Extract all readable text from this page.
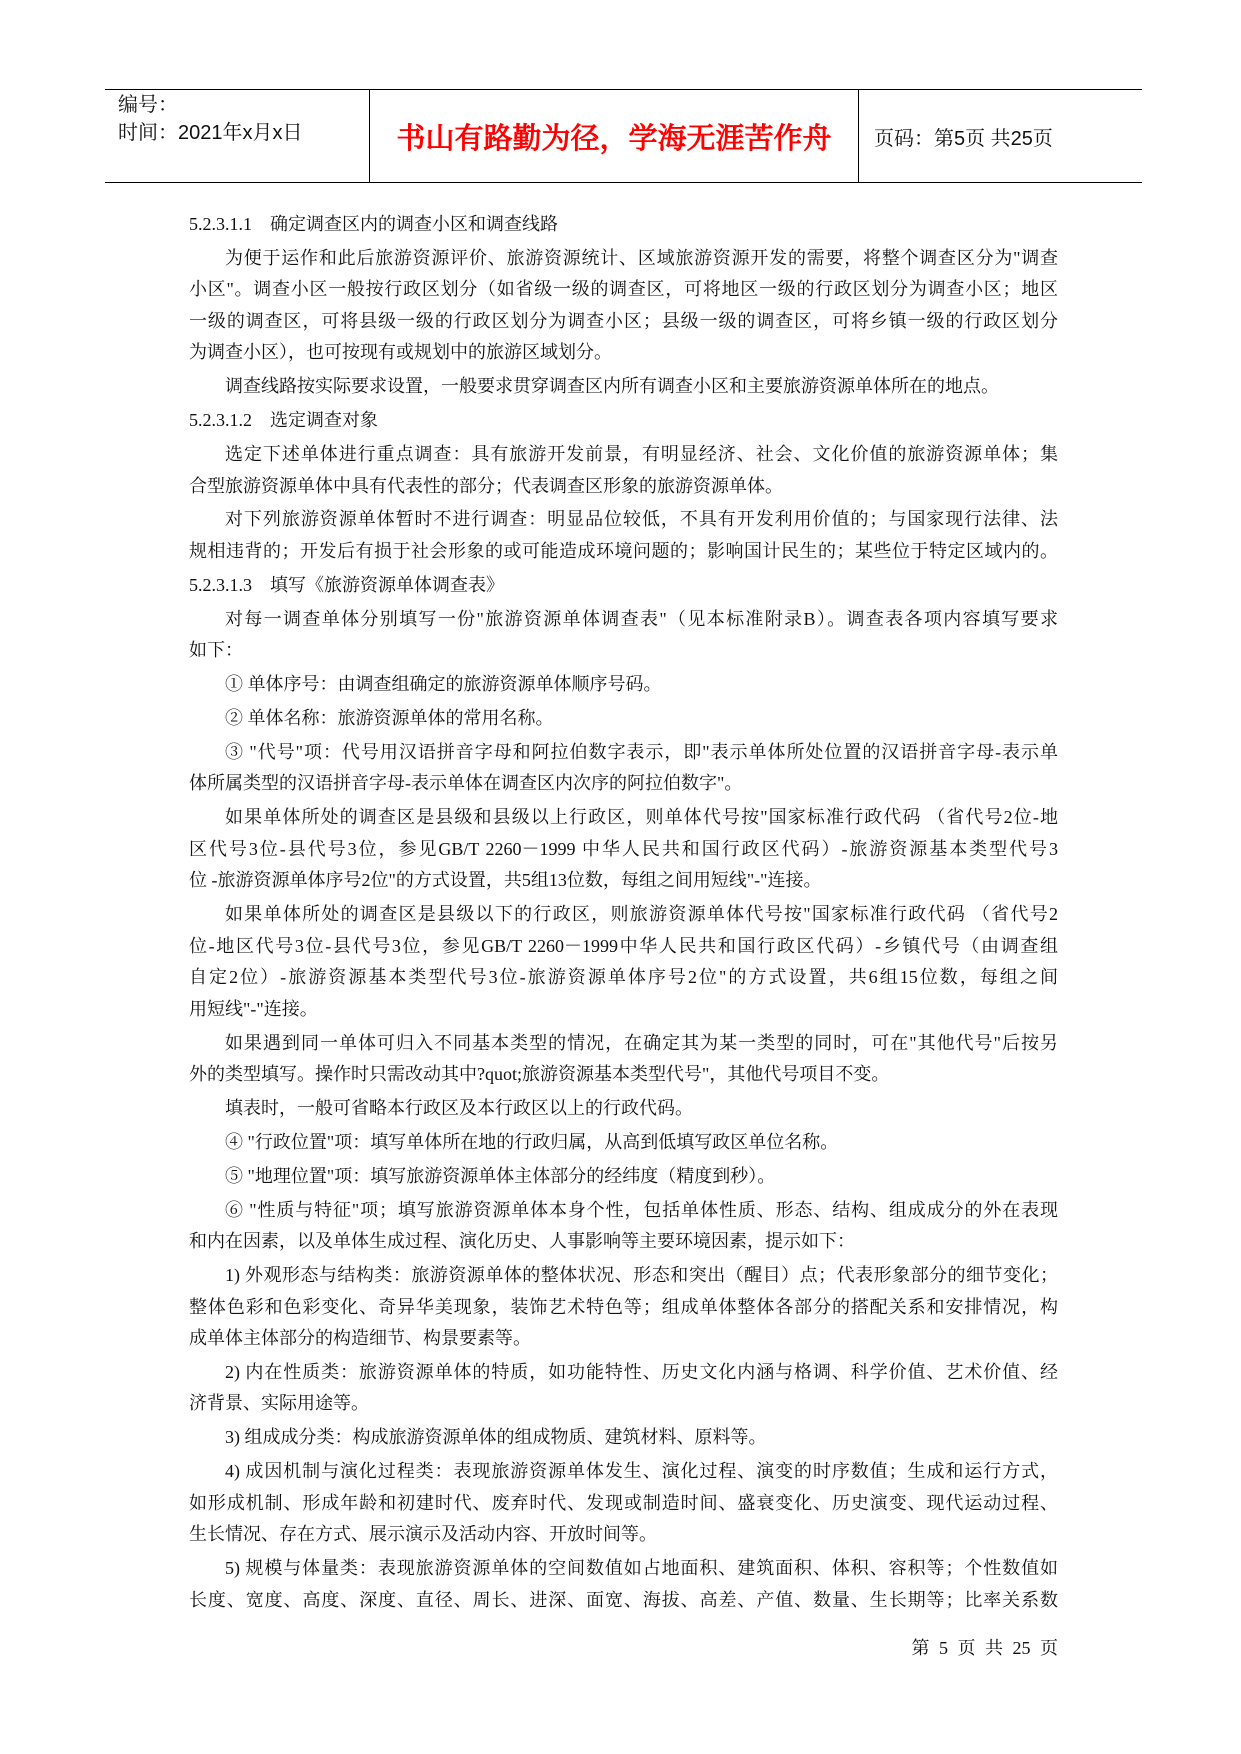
编号：
时间：2021年x月x日	书山有路勤为径，学海无涯苦作舟 页码：第5页 共25页
5.2.3.1.1　确定调查区内的调查小区和调查线路
为便于运作和此后旅游资源评价、旅游资源统计、区域旅游资源开发的需要，将整个调查区分为"调查
小区"。调查小区一般按行政区划分（如省级一级的调查区，可将地区一级的行政区划分为调查小区；地区
一级的调查区，可将县级一级的行政区划分为调查小区；县级一级的调查区，可将乡镇一级的行政区划分
为调查小区），也可按现有或规划中的旅游区域划分。
调查线路按实际要求设置，一般要求贯穿调查区内所有调查小区和主要旅游资源单体所在的地点。
5.2.3.1.2　选定调查对象
选定下述单体进行重点调查：具有旅游开发前景，有明显经济、社会、文化价值的旅游资源单体；集
合型旅游资源单体中具有代表性的部分；代表调查区形象的旅游资源单体。
对下列旅游资源单体暂时不进行调查：明显品位较低，不具有开发利用价值的；与国家现行法律、法
规相违背的；开发后有损于社会形象的或可能造成环境问题的；影响国计民生的；某些位于特定区域内的。
5.2.3.1.3　填写《旅游资源单体调查表》
对每一调查单体分别填写一份"旅游资源单体调查表"（见本标准附录B）。调查表各项内容填写要求
如下：
① 单体序号：由调查组确定的旅游资源单体顺序号码。
② 单体名称：旅游资源单体的常用名称。
③ "代号"项：代号用汉语拼音字母和阿拉伯数字表示，即"表示单体所处位置的汉语拼音字母-表示单
体所属类型的汉语拼音字母-表示单体在调查区内次序的阿拉伯数字"。
如果单体所处的调查区是县级和县级以上行政区，则单体代号按"国家标准行政代码 （省代号2位-地
区代号3位-县代号3位，参见GB/T 2260－1999 中华人民共和国行政区代码）-旅游资源基本类型代号3
位 -旅游资源单体序号2位"的方式设置，共5组13位数，每组之间用短线"-"连接。
如果单体所处的调查区是县级以下的行政区，则旅游资源单体代号按"国家标准行政代码 （省代号2
位-地区代号3位-县代号3位，参见GB/T 2260－1999中华人民共和国行政区代码）-乡镇代号（由调查组
自定2位）-旅游资源基本类型代号3位-旅游资源单体序号2位"的方式设置，共6组15位数，每组之间
用短线"-"连接。
如果遇到同一单体可归入不同基本类型的情况，在确定其为某一类型的同时，可在"其他代号"后按另
外的类型填写。操作时只需改动其中?quot;旅游资源基本类型代号"，其他代号项目不变。
填表时，一般可省略本行政区及本行政区以上的行政代码。
④ "行政位置"项：填写单体所在地的行政归属，从高到低填写政区单位名称。
⑤ "地理位置"项：填写旅游资源单体主体部分的经纬度（精度到秒）。
⑥ "性质与特征"项；填写旅游资源单体本身个性，包括单体性质、形态、结构、组成成分的外在表现
和内在因素，以及单体生成过程、演化历史、人事影响等主要环境因素，提示如下：
1) 外观形态与结构类：旅游资源单体的整体状况、形态和突出（醒目）点；代表形象部分的细节变化；
整体色彩和色彩变化、奇异华美现象，装饰艺术特色等；组成单体整体各部分的搭配关系和安排情况，构
成单体主体部分的构造细节、构景要素等。
2) 内在性质类：旅游资源单体的特质，如功能特性、历史文化内涵与格调、科学价值、艺术价值、经
济背景、实际用途等。
3) 组成成分类：构成旅游资源单体的组成物质、建筑材料、原料等。
4) 成因机制与演化过程类：表现旅游资源单体发生、演化过程、演变的时序数值；生成和运行方式，
如形成机制、形成年龄和初建时代、废弃时代、发现或制造时间、盛衰变化、历史演变、现代运动过程、
生长情况、存在方式、展示演示及活动内容、开放时间等。
5) 规模与体量类：表现旅游资源单体的空间数值如占地面积、建筑面积、体积、容积等；个性数值如
长度、宽度、高度、深度、直径、周长、进深、面宽、海拔、高差、产值、数量、生长期等；比率关系数
第 5 页 共 25 页
